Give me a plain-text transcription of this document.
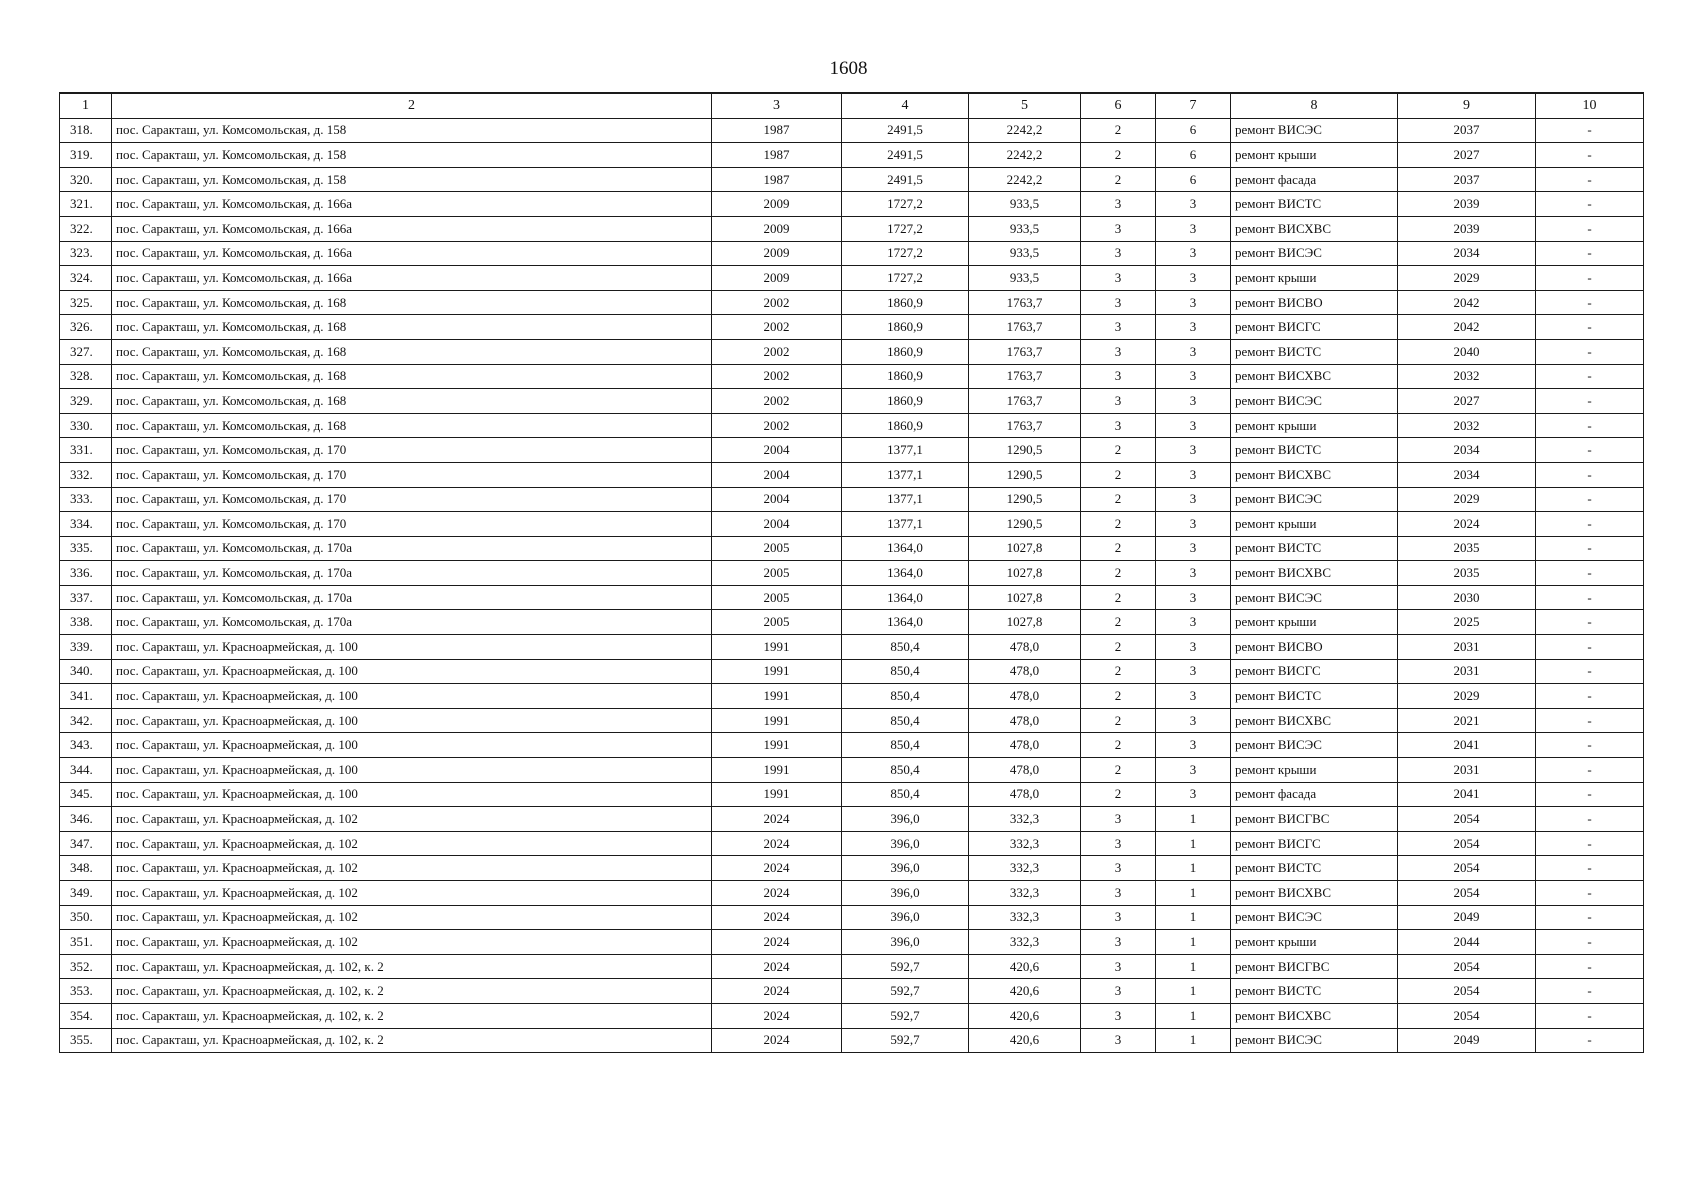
1608
1	2	3	4	5	6	7	8	9	10
318.	пос. Саракташ, ул. Комсомольская, д. 158	1987	2491,5	2242,2	2	6	ремонт ВИСЭС	2037	-
319.	пос. Саракташ, ул. Комсомольская, д. 158	1987	2491,5	2242,2	2	6	ремонт крыши	2027	-
320.	пос. Саракташ, ул. Комсомольская, д. 158	1987	2491,5	2242,2	2	6	ремонт фасада	2037	-
321.	пос. Саракташ, ул. Комсомольская, д. 166а	2009	1727,2	933,5	3	3	ремонт ВИСТС	2039	-
322.	пос. Саракташ, ул. Комсомольская, д. 166а	2009	1727,2	933,5	3	3	ремонт ВИСХВС	2039	-
323.	пос. Саракташ, ул. Комсомольская, д. 166а	2009	1727,2	933,5	3	3	ремонт ВИСЭС	2034	-
324.	пос. Саракташ, ул. Комсомольская, д. 166а	2009	1727,2	933,5	3	3	ремонт крыши	2029	-
325.	пос. Саракташ, ул. Комсомольская, д. 168	2002	1860,9	1763,7	3	3	ремонт ВИСВО	2042	-
326.	пос. Саракташ, ул. Комсомольская, д. 168	2002	1860,9	1763,7	3	3	ремонт ВИСГС	2042	-
327.	пос. Саракташ, ул. Комсомольская, д. 168	2002	1860,9	1763,7	3	3	ремонт ВИСТС	2040	-
328.	пос. Саракташ, ул. Комсомольская, д. 168	2002	1860,9	1763,7	3	3	ремонт ВИСХВС	2032	-
329.	пос. Саракташ, ул. Комсомольская, д. 168	2002	1860,9	1763,7	3	3	ремонт ВИСЭС	2027	-
330.	пос. Саракташ, ул. Комсомольская, д. 168	2002	1860,9	1763,7	3	3	ремонт крыши	2032	-
331.	пос. Саракташ, ул. Комсомольская, д. 170	2004	1377,1	1290,5	2	3	ремонт ВИСТС	2034	-
332.	пос. Саракташ, ул. Комсомольская, д. 170	2004	1377,1	1290,5	2	3	ремонт ВИСХВС	2034	-
333.	пос. Саракташ, ул. Комсомольская, д. 170	2004	1377,1	1290,5	2	3	ремонт ВИСЭС	2029	-
334.	пос. Саракташ, ул. Комсомольская, д. 170	2004	1377,1	1290,5	2	3	ремонт крыши	2024	-
335.	пос. Саракташ, ул. Комсомольская, д. 170а	2005	1364,0	1027,8	2	3	ремонт ВИСТС	2035	-
336.	пос. Саракташ, ул. Комсомольская, д. 170а	2005	1364,0	1027,8	2	3	ремонт ВИСХВС	2035	-
337.	пос. Саракташ, ул. Комсомольская, д. 170а	2005	1364,0	1027,8	2	3	ремонт ВИСЭС	2030	-
338.	пос. Саракташ, ул. Комсомольская, д. 170а	2005	1364,0	1027,8	2	3	ремонт крыши	2025	-
339.	пос. Саракташ, ул. Красноармейская, д. 100	1991	850,4	478,0	2	3	ремонт ВИСВО	2031	-
340.	пос. Саракташ, ул. Красноармейская, д. 100	1991	850,4	478,0	2	3	ремонт ВИСГС	2031	-
341.	пос. Саракташ, ул. Красноармейская, д. 100	1991	850,4	478,0	2	3	ремонт ВИСТС	2029	-
342.	пос. Саракташ, ул. Красноармейская, д. 100	1991	850,4	478,0	2	3	ремонт ВИСХВС	2021	-
343.	пос. Саракташ, ул. Красноармейская, д. 100	1991	850,4	478,0	2	3	ремонт ВИСЭС	2041	-
344.	пос. Саракташ, ул. Красноармейская, д. 100	1991	850,4	478,0	2	3	ремонт крыши	2031	-
345.	пос. Саракташ, ул. Красноармейская, д. 100	1991	850,4	478,0	2	3	ремонт фасада	2041	-
346.	пос. Саракташ, ул. Красноармейская, д. 102	2024	396,0	332,3	3	1	ремонт ВИСГВС	2054	-
347.	пос. Саракташ, ул. Красноармейская, д. 102	2024	396,0	332,3	3	1	ремонт ВИСГС	2054	-
348.	пос. Саракташ, ул. Красноармейская, д. 102	2024	396,0	332,3	3	1	ремонт ВИСТС	2054	-
349.	пос. Саракташ, ул. Красноармейская, д. 102	2024	396,0	332,3	3	1	ремонт ВИСХВС	2054	-
350.	пос. Саракташ, ул. Красноармейская, д. 102	2024	396,0	332,3	3	1	ремонт ВИСЭС	2049	-
351.	пос. Саракташ, ул. Красноармейская, д. 102	2024	396,0	332,3	3	1	ремонт крыши	2044	-
352.	пос. Саракташ, ул. Красноармейская, д. 102, к. 2	2024	592,7	420,6	3	1	ремонт ВИСГВС	2054	-
353.	пос. Саракташ, ул. Красноармейская, д. 102, к. 2	2024	592,7	420,6	3	1	ремонт ВИСТС	2054	-
354.	пос. Саракташ, ул. Красноармейская, д. 102, к. 2	2024	592,7	420,6	3	1	ремонт ВИСХВС	2054	-
355.	пос. Саракташ, ул. Красноармейская, д. 102, к. 2	2024	592,7	420,6	3	1	ремонт ВИСЭС	2049	-
